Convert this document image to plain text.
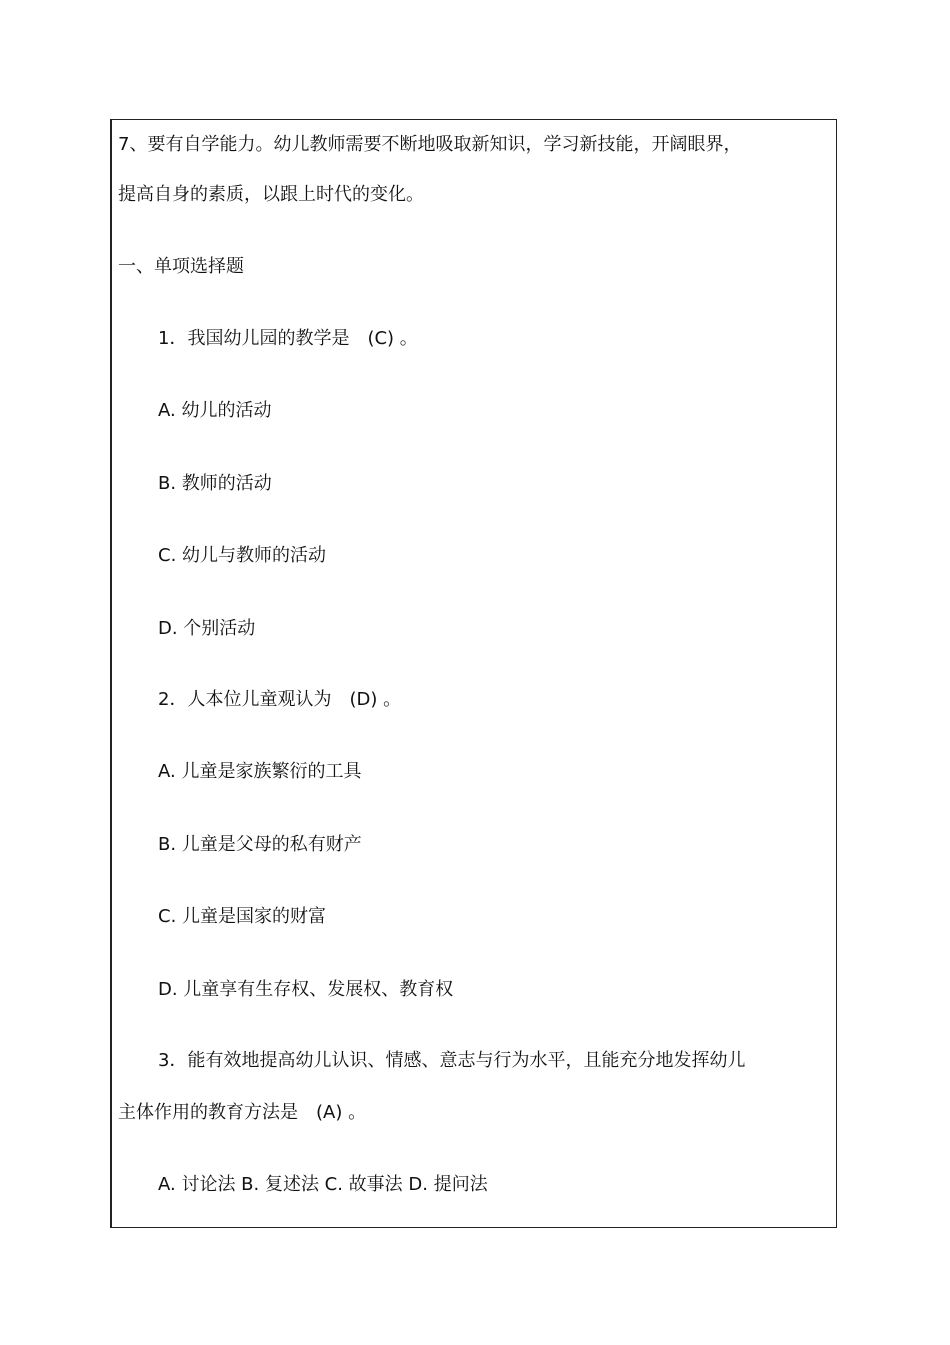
7、要有自学能力。幼儿教师需要不断地吸取新知识，学习新技能，开阔眼界，
提高自身的素质，以跟上时代的变化。
一、单项选择题
1．我国幼儿园的教学是　(C) 。
A. 幼儿的活动
B. 教师的活动
C. 幼儿与教师的活动
D. 个别活动
2．人本位儿童观认为　(D) 。
A. 儿童是家族繁衍的工具
B. 儿童是父母的私有财产
C. 儿童是国家的财富
D. 儿童享有生存权、发展权、教育权
3．能有效地提高幼儿认识、情感、意志与行为水平，且能充分地发挥幼儿
主体作用的教育方法是　(A) 。
A. 讨论法 B. 复述法 C. 故事法 D. 提问法
